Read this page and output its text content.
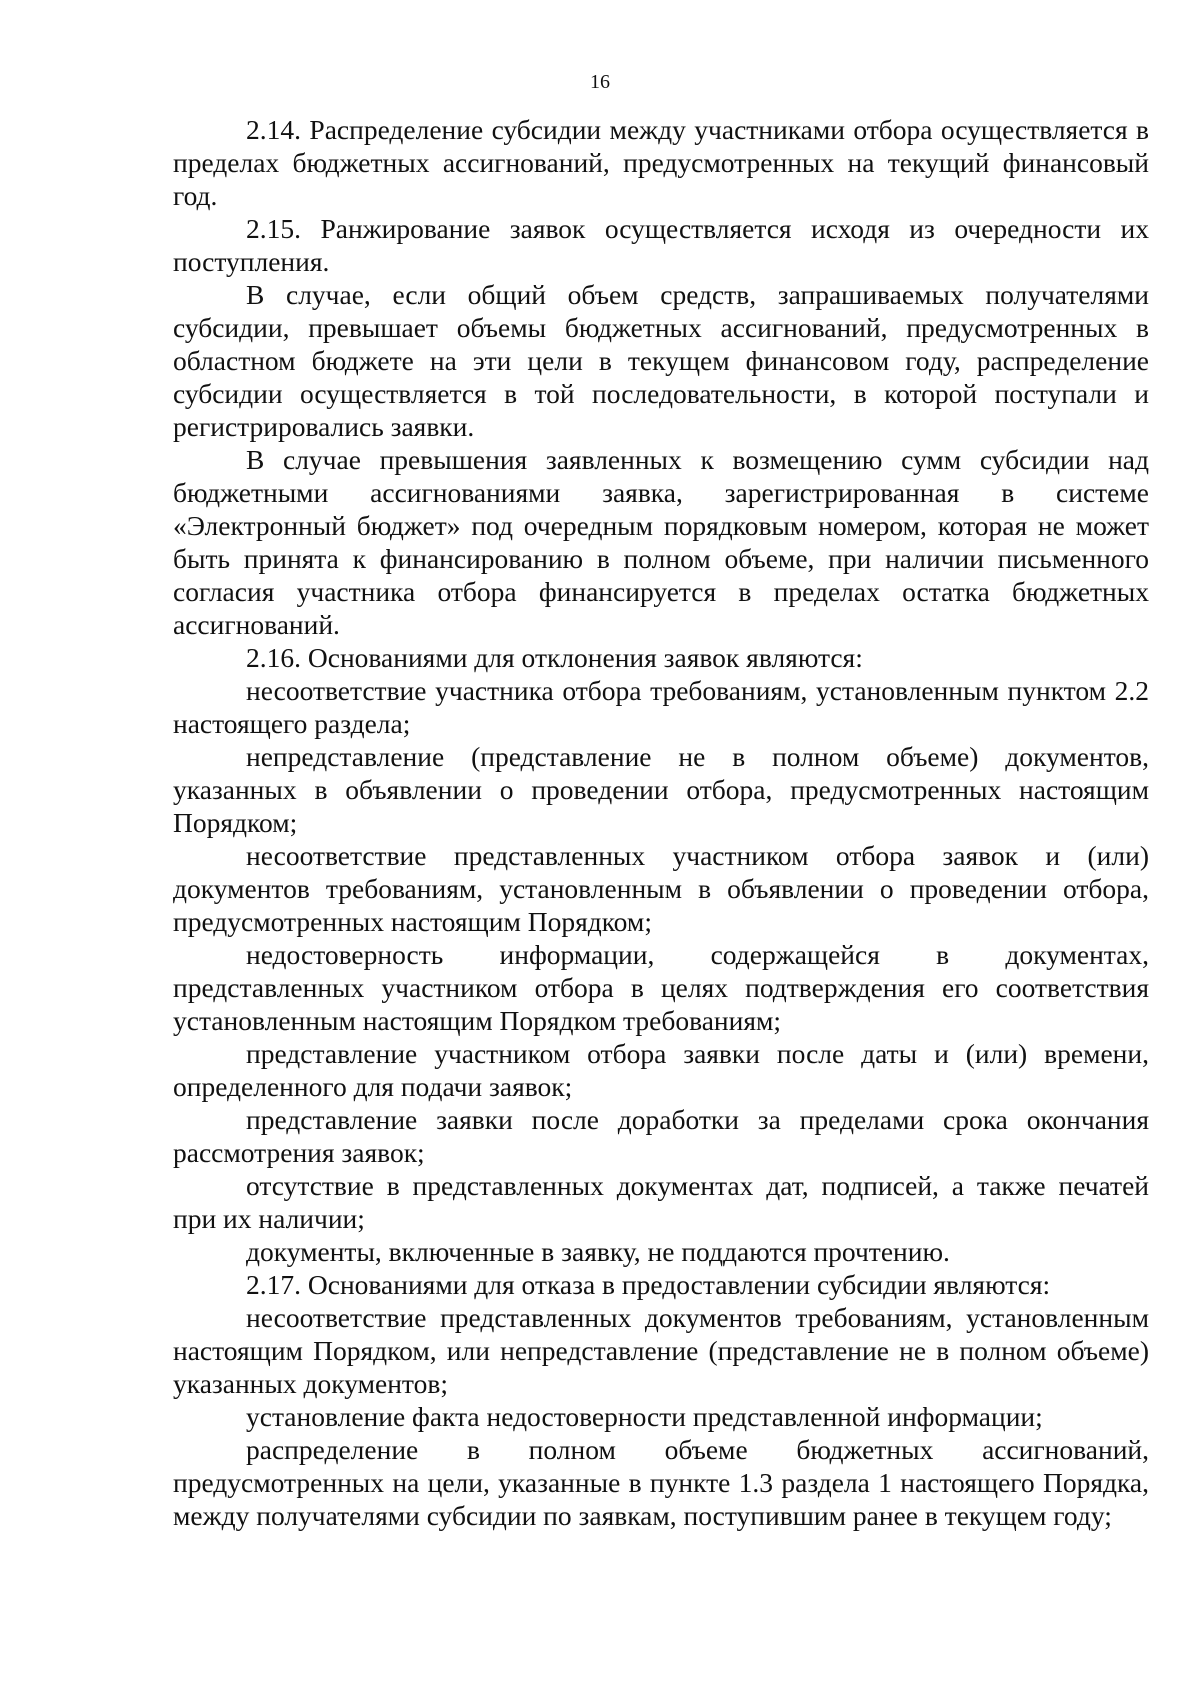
16

2.14. Распределение субсидии между участниками отбора осуществляется в пределах бюджетных ассигнований, предусмотренных на текущий финансовый год.

2.15. Ранжирование заявок осуществляется исходя из очередности их поступления.

В случае, если общий объем средств, запрашиваемых получателями субсидии, превышает объемы бюджетных ассигнований, предусмотренных в областном бюджете на эти цели в текущем финансовом году, распределение субсидии осуществляется в той последовательности, в которой поступали и регистрировались заявки.

В случае превышения заявленных к возмещению сумм субсидии над бюджетными ассигнованиями заявка, зарегистрированная в системе «Электронный бюджет» под очередным порядковым номером, которая не может быть принята к финансированию в полном объеме, при наличии письменного согласия участника отбора финансируется в пределах остатка бюджетных ассигнований.

2.16. Основаниями для отклонения заявок являются:

несоответствие участника отбора требованиям, установленным пунктом 2.2 настоящего раздела;

непредставление (представление не в полном объеме) документов, указанных в объявлении о проведении отбора, предусмотренных настоящим Порядком;

несоответствие представленных участником отбора заявок и (или) документов требованиям, установленным в объявлении о проведении отбора, предусмотренных настоящим Порядком;

недостоверность информации, содержащейся в документах, представленных участником отбора в целях подтверждения его соответствия установленным настоящим Порядком требованиям;

представление участником отбора заявки после даты и (или) времени, определенного для подачи заявок;

представление заявки после доработки за пределами срока окончания рассмотрения заявок;

отсутствие в представленных документах дат, подписей, а также печатей при их наличии;

документы, включенные в заявку, не поддаются прочтению.

2.17. Основаниями для отказа в предоставлении субсидии являются:

несоответствие представленных документов требованиям, установленным настоящим Порядком, или непредставление (представление не в полном объеме) указанных документов;

установление факта недостоверности представленной информации;

распределение в полном объеме бюджетных ассигнований, предусмотренных на цели, указанные в пункте 1.3 раздела 1 настоящего Порядка, между получателями субсидии по заявкам, поступившим ранее в текущем году;
